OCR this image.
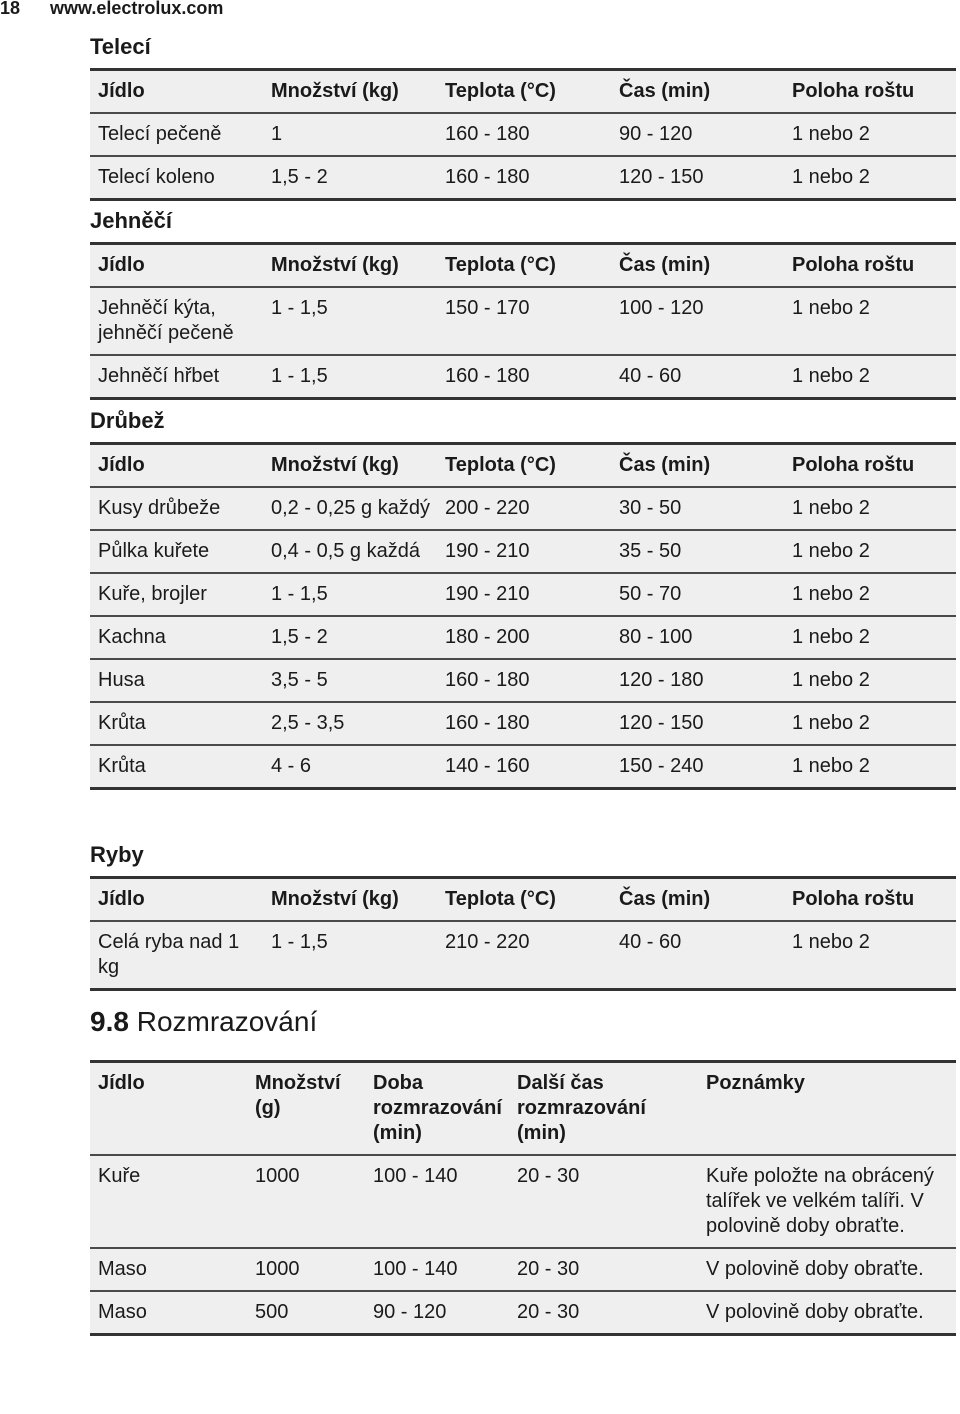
18	www.electrolux.com
Telecí
Jídlo	Množství (kg)	Teplota (°C)	Čas (min)	Poloha roštu
Telecí pečeně	1	160 - 180	90 - 120	1 nebo 2
Telecí koleno	1,5 - 2	160 - 180	120 - 150	1 nebo 2
Jehněčí
Jídlo	Množství (kg)	Teplota (°C)	Čas (min)	Poloha roštu
Jehněčí kýta, jehněčí pečeně	1 - 1,5	150 - 170	100 - 120	1 nebo 2
Jehněčí hřbet	1 - 1,5	160 - 180	40 - 60	1 nebo 2
Drůbež
Jídlo	Množství (kg)	Teplota (°C)	Čas (min)	Poloha roštu
Kusy drůbeže	0,2 - 0,25 g každý	200 - 220	30 - 50	1 nebo 2
Půlka kuřete	0,4 - 0,5 g každá	190 - 210	35 - 50	1 nebo 2
Kuře, brojler	1 - 1,5	190 - 210	50 - 70	1 nebo 2
Kachna	1,5 - 2	180 - 200	80 - 100	1 nebo 2
Husa	3,5 - 5	160 - 180	120 - 180	1 nebo 2
Krůta	2,5 - 3,5	160 - 180	120 - 150	1 nebo 2
Krůta	4 - 6	140 - 160	150 - 240	1 nebo 2
Ryby
Jídlo	Množství (kg)	Teplota (°C)	Čas (min)	Poloha roštu
Celá ryba nad 1 kg	1 - 1,5	210 - 220	40 - 60	1 nebo 2
9.8 Rozmrazování
Jídlo	Množství (g)	Doba rozmrazování (min)	Další čas rozmrazování (min)	Poznámky
Kuře	1000	100 - 140	20 - 30	Kuře položte na obrácený talířek ve velkém talíři. V polovině doby obraťte.
Maso	1000	100 - 140	20 - 30	V polovině doby obraťte.
Maso	500	90 - 120	20 - 30	V polovině doby obraťte.
